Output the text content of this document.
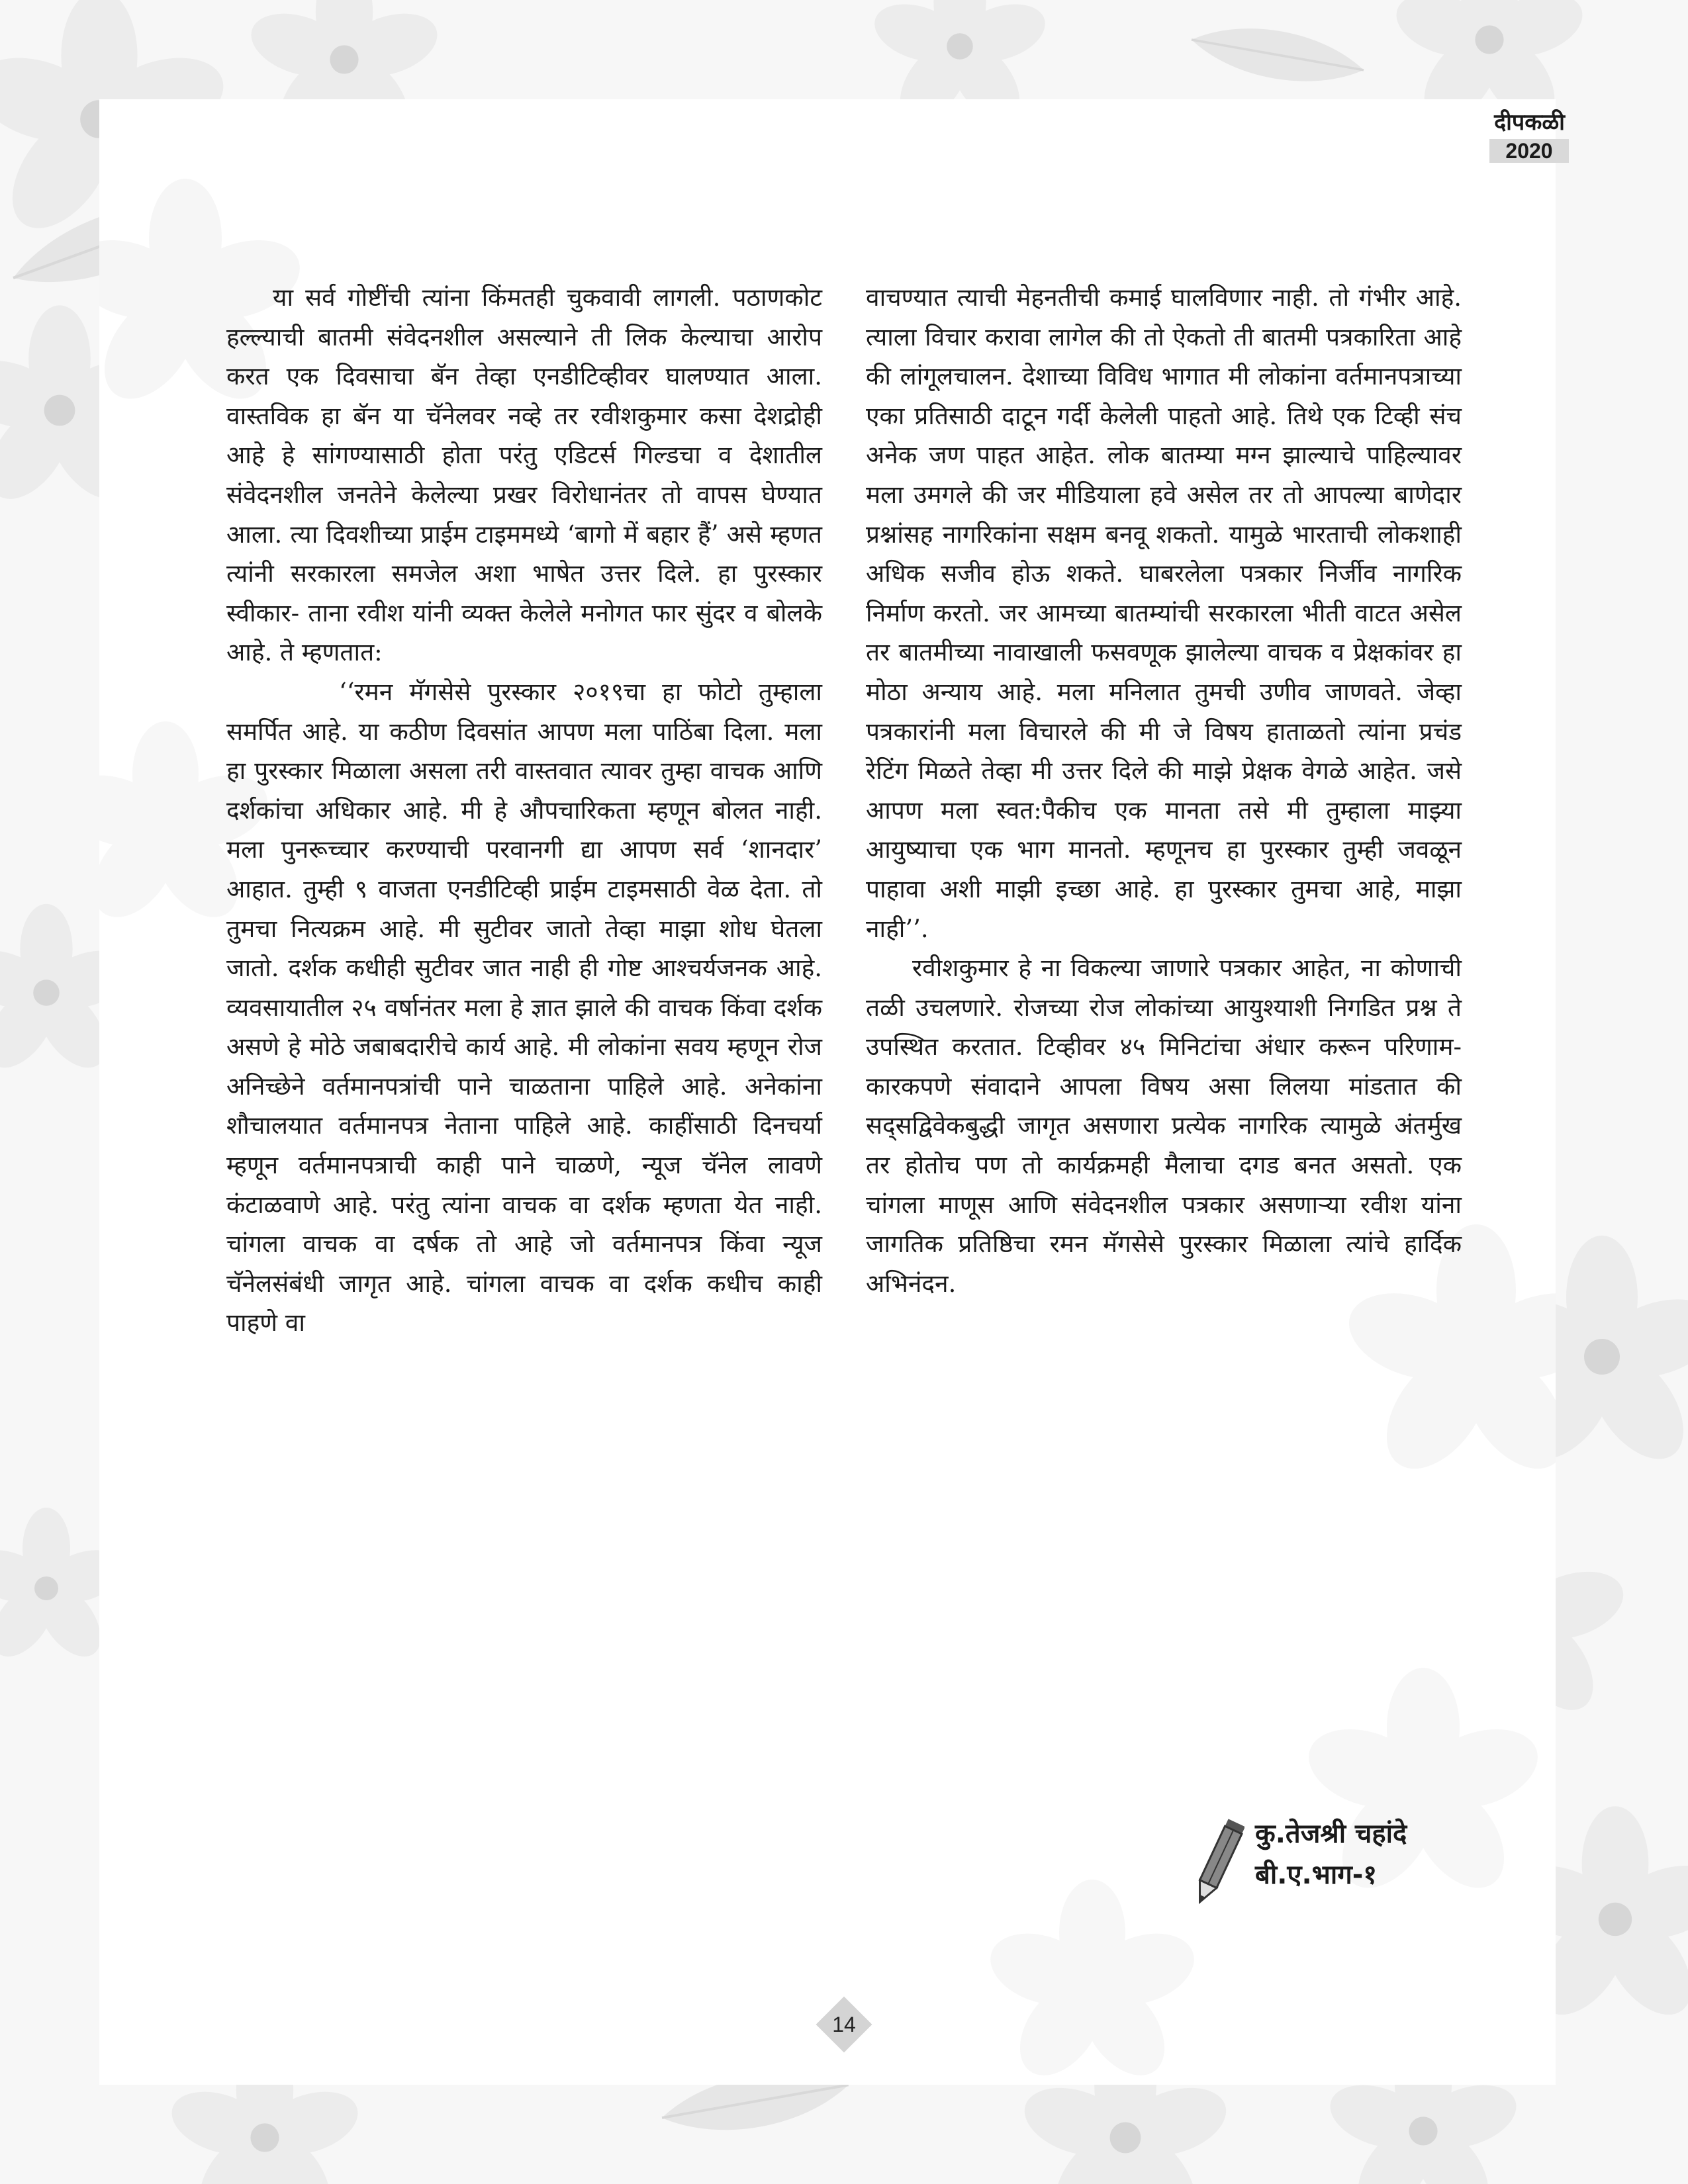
दीपकळी
2020

या सर्व गोष्टींची त्यांना किंमतही चुकवावी लागली. पठाणकोट हल्ल्याची बातमी संवेदनशील असल्याने ती लिक केल्याचा आरोप करत एक दिवसाचा बॅन तेव्हा एनडीटिव्हीवर घालण्यात आला. वास्तविक हा बॅन या चॅनेलवर नव्हे तर रवीशकुमार कसा देशद्रोही आहे हे सांगण्यासाठी होता परंतु एडिटर्स गिल्डचा व देशातील संवेदनशील जनतेने केलेल्या प्रखर विरोधानंतर तो वापस घेण्यात आला. त्या दिवशीच्या प्राईम टाइममध्ये ‘बागो में बहार हैं’ असे म्हणत त्यांनी सरकारला समजेल अशा भाषेत उत्तर दिले. हा पुरस्कार स्वीकार- ताना रवीश यांनी व्यक्त केलेले मनोगत फार सुंदर व बोलके आहे. ते म्हणतात:

‘‘रमन मॅगसेसे पुरस्कार २०१९चा हा फोटो तुम्हाला समर्पित आहे. या कठीण दिवसांत आपण मला पाठिंबा दिला. मला हा पुरस्कार मिळाला असला तरी वास्तवात त्यावर तुम्हा वाचक आणि दर्शकांचा अधिकार आहे. मी हे औपचारिकता म्हणून बोलत नाही. मला पुनरूच्चार करण्याची परवानगी द्या आपण सर्व ‘शानदार’ आहात. तुम्ही ९ वाजता एनडीटिव्ही प्राईम टाइमसाठी वेळ देता. तो तुमचा नित्यक्रम आहे. मी सुटीवर जातो तेव्हा माझा शोध घेतला जातो. दर्शक कधीही सुटीवर जात नाही ही गोष्ट आश्चर्यजनक आहे. व्यवसायातील २५ वर्षानंतर मला हे ज्ञात झाले की वाचक किंवा दर्शक असणे हे मोठे जबाबदारीचे कार्य आहे. मी लोकांना सवय म्हणून रोज अनिच्छेने वर्तमानपत्रांची पाने चाळताना पाहिले आहे. अनेकांना शौचालयात वर्तमानपत्र नेताना पाहिले आहे. काहींसाठी दिनचर्या म्हणून वर्तमानपत्राची काही पाने चाळणे, न्यूज चॅनेल लावणे कंटाळवाणे आहे. परंतु त्यांना वाचक वा दर्शक म्हणता येत नाही. चांगला वाचक वा दर्षक तो आहे जो वर्तमानपत्र किंवा न्यूज चॅनेलसंबंधी जागृत आहे. चांगला वाचक वा दर्शक कधीच काही पाहणे वा

वाचण्यात त्याची मेहनतीची कमाई घालविणार नाही. तो गंभीर आहे. त्याला विचार करावा लागेल की तो ऐकतो ती बातमी पत्रकारिता आहे की लांगूलचालन. देशाच्या विविध भागात मी लोकांना वर्तमानपत्राच्या एका प्रतिसाठी दाटून गर्दी केलेली पाहतो आहे. तिथे एक टिव्ही संच अनेक जण पाहत आहेत. लोक बातम्या मग्न झाल्याचे पाहिल्यावर मला उमगले की जर मीडियाला हवे असेल तर तो आपल्या बाणेदार प्रश्नांसह नागरिकांना सक्षम बनवू शकतो. यामुळे भारताची लोकशाही अधिक सजीव होऊ शकते. घाबरलेला पत्रकार निर्जीव नागरिक निर्माण करतो. जर आमच्या बातम्यांची सरकारला भीती वाटत असेल तर बातमीच्या नावाखाली फसवणूक झालेल्या वाचक व प्रेक्षकांवर हा मोठा अन्याय आहे. मला मनिलात तुमची उणीव जाणवते. जेव्हा पत्रकारांनी मला विचारले की मी जे विषय हाताळतो त्यांना प्रचंड रेटिंग मिळते तेव्हा मी उत्तर दिले की माझे प्रेक्षक वेगळे आहेत. जसे आपण मला स्वत:पैकीच एक मानता तसे मी तुम्हाला माझ्या आयुष्याचा एक भाग मानतो. म्हणूनच हा पुरस्कार तुम्ही जवळून पाहावा अशी माझी इच्छा आहे. हा पुरस्कार तुमचा आहे, माझा नाही’’.

रवीशकुमार हे ना विकल्या जाणारे पत्रकार आहेत, ना कोणाची तळी उचलणारे. रोजच्या रोज लोकांच्या आयुश्याशी निगडित प्रश्न ते उपस्थित करतात. टिव्हीवर ४५ मिनिटांचा अंधार करून परिणाम- कारकपणे संवादाने आपला विषय असा लिलया मांडतात की सद्सद्विवेकबुद्धी जागृत असणारा प्रत्येक नागरिक त्यामुळे अंतर्मुख तर होतोच पण तो कार्यक्रमही मैलाचा दगड बनत असतो. एक चांगला माणूस आणि संवेदनशील पत्रकार असणाऱ्या रवीश यांना जागतिक प्रतिष्ठिचा रमन मॅगसेसे पुरस्कार मिळाला त्यांचे हार्दिक अभिनंदन.

कु.तेजश्री चहांदे
बी.ए.भाग-१
14
